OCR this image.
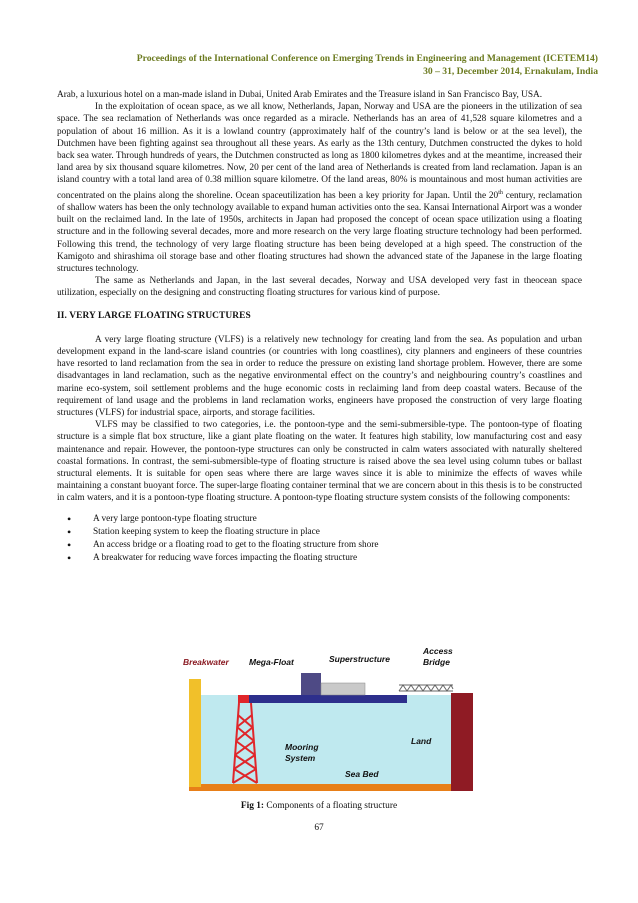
Proceedings of the International Conference on Emerging Trends in Engineering and Management (ICETEM14)
30 – 31, December 2014, Ernakulam, India

Arab, a luxurious hotel on a man-made island in Dubai, United Arab Emirates and the Treasure island in San Francisco Bay, USA.

In the exploitation of ocean space, as we all know, Netherlands, Japan, Norway and USA are the pioneers in the utilization of sea space. The sea reclamation of Netherlands was once regarded as a miracle. Netherlands has an area of 41,528 square kilometres and a population of about 16 million. As it is a lowland country (approximately half of the country’s land is below or at the sea level), the Dutchmen have been fighting against sea throughout all these years. As early as the 13th century, Dutchmen constructed the dykes to hold back sea water. Through hundreds of years, the Dutchmen constructed as long as 1800 kilometres dykes and at the meantime, increased their land area by six thousand square kilometres. Now, 20 per cent of the land area of Netherlands is created from land reclamation. Japan is an island country with a total land area of 0.38 million square kilometre. Of the land areas, 80% is mountainous and most human activities are concentrated on the plains along the shoreline. Ocean spaceutilization has been a key priority for Japan. Until the 20th century, reclamation of shallow waters has been the only technology available to expand human activities onto the sea. Kansai International Airport was a wonder built on the reclaimed land. In the late of 1950s, architects in Japan had proposed the concept of ocean space utilization using a floating structure and in the following several decades, more and more research on the very large floating structure technology had been performed. Following this trend, the technology of very large floating structure has been being developed at a high speed. The construction of the Kamigoto and shirashima oil storage base and other floating structures had shown the advanced state of the Japanese in the large floating structures technology.

The same as Netherlands and Japan, in the last several decades, Norway and USA developed very fast in theocean space utilization, especially on the designing and constructing floating structures for various kind of purpose.

II. VERY LARGE FLOATING STRUCTURES

A very large floating structure (VLFS) is a relatively new technology for creating land from the sea. As population and urban development expand in the land-scare island countries (or countries with long coastlines), city planners and engineers of these countries have resorted to land reclamation from the sea in order to reduce the pressure on existing land shortage problem. However, there are some disadvantages in land reclamation, such as the negative environmental effect on the country’s and neighbouring country’s coastlines and marine eco-system, soil settlement problems and the huge economic costs in reclaiming land from deep coastal waters. Because of the requirement of land usage and the problems in land reclamation works, engineers have proposed the construction of very large floating structures (VLFS) for industrial space, airports, and storage facilities.

VLFS may be classified to two categories, i.e. the pontoon-type and the semi-submersible-type. The pontoon-type of floating structure is a simple flat box structure, like a giant plate floating on the water. It features high stability, low manufacturing cost and easy maintenance and repair. However, the pontoon-type structures can only be constructed in calm waters associated with naturally sheltered coastal formations. In contrast, the semi-submersible-type of floating structure is raised above the sea level using column tubes or ballast structural elements. It is suitable for open seas where there are large waves since it is able to minimize the effects of waves while maintaining a constant buoyant force. The super-large floating container terminal that we are concern about in this thesis is to be constructed in calm waters, and it is a pontoon-type floating structure. A pontoon-type floating structure system consists of the following components:

• A very large pontoon-type floating structure
• Station keeping system to keep the floating structure in place
• An access bridge or a floating road to get to the floating structure from shore
• A breakwater for reducing wave forces impacting the floating structure
Breakwater Mega-Float	Superstructure
Access
Bridge
Land
Mooring
System
Sea Bed
Fig 1: Components of a floating structure
67
